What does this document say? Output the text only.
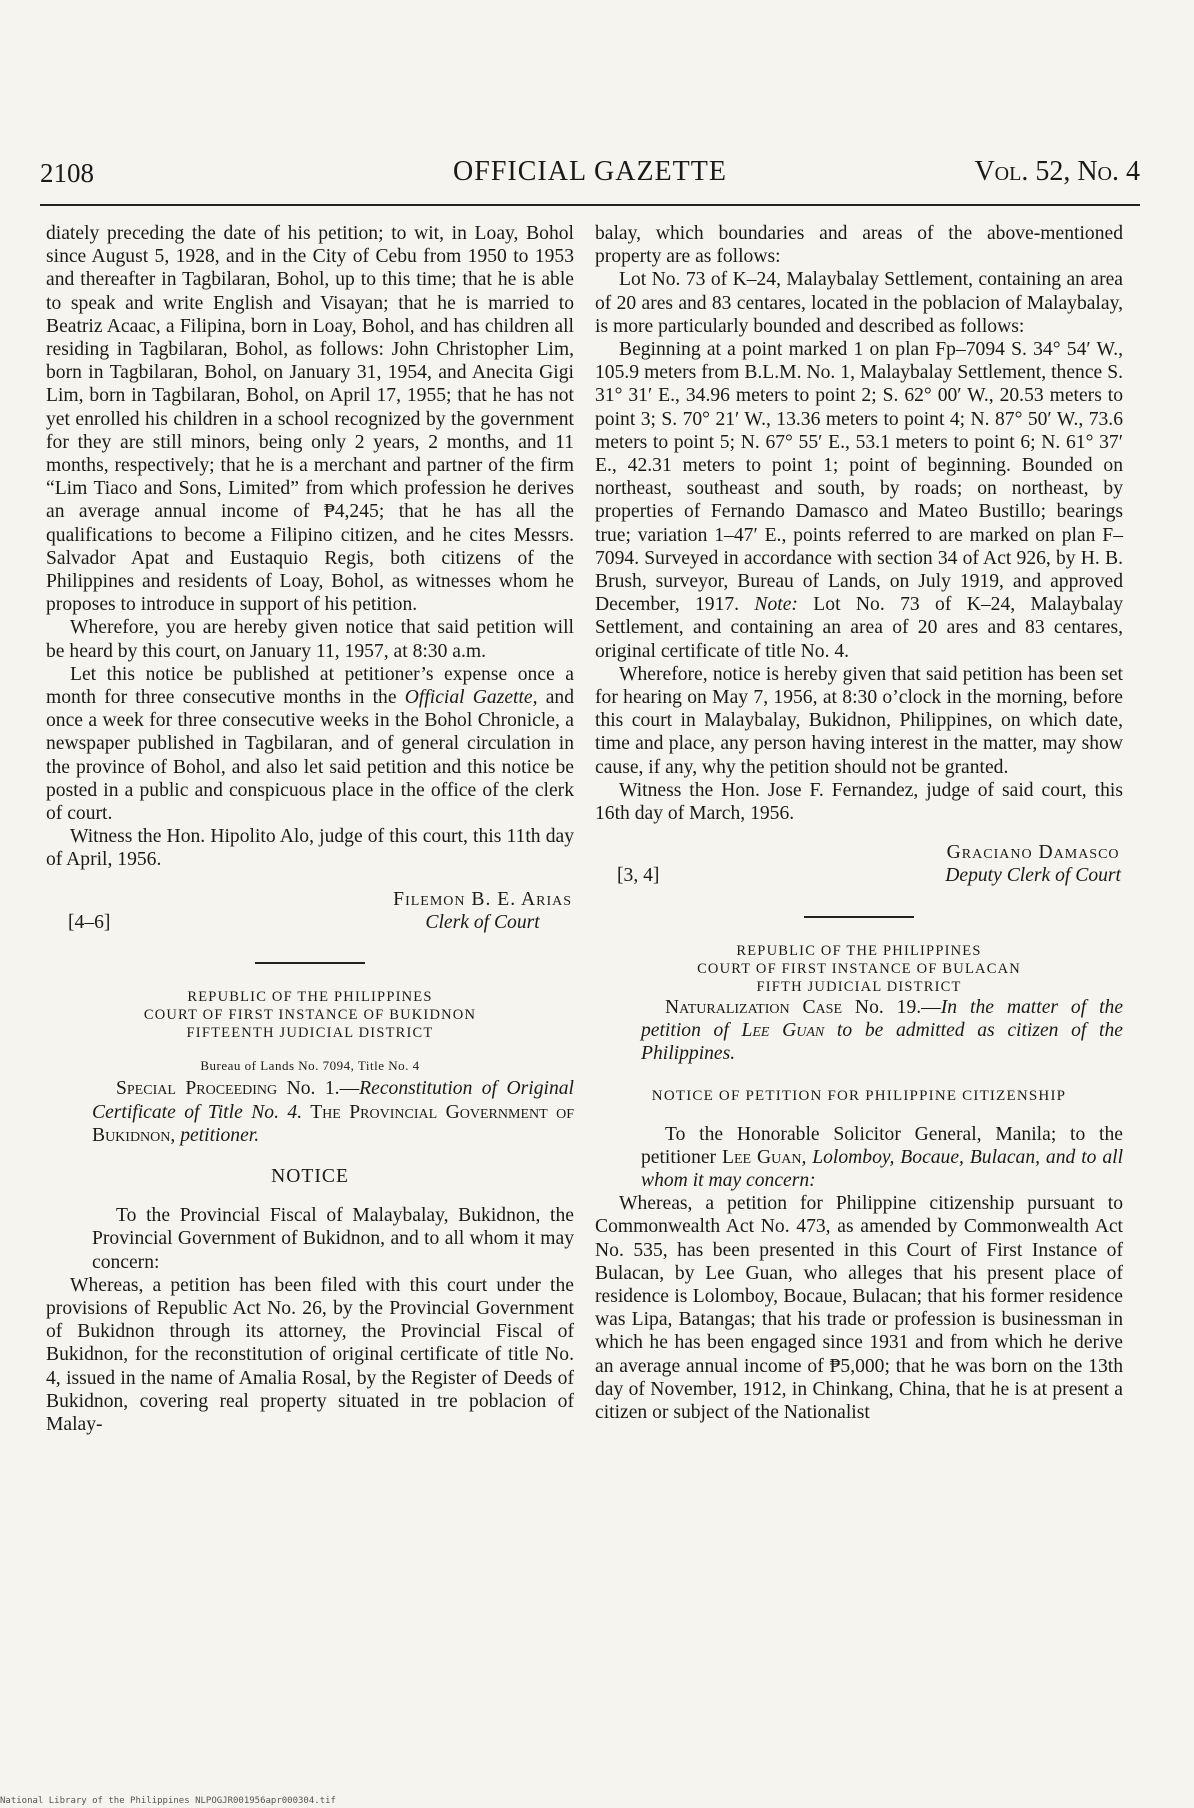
2108	OFFICIAL GAZETTE	Vol. 52, No. 4

diately preceding the date of his petition; to wit, in Loay, Bohol since August 5, 1928, and in the City of Cebu from 1950 to 1953 and thereafter in Tagbilaran, Bohol, up to this time; that he is able to speak and write English and Visayan; that he is married to Beatriz Acaac, a Filipina, born in Loay, Bohol, and has children all residing in Tagbilaran, Bohol, as follows: John Christopher Lim, born in Tagbilaran, Bohol, on January 31, 1954, and Anecita Gigi Lim, born in Tagbilaran, Bohol, on April 17, 1955; that he has not yet enrolled his children in a school recognized by the government for they are still minors, being only 2 years, 2 months, and 11 months, respectively; that he is a merchant and partner of the firm “Lim Tiaco and Sons, Limited” from which profession he derives an average annual income of ₱4,245; that he has all the qualifications to become a Filipino citizen, and he cites Messrs. Salvador Apat and Eustaquio Regis, both citizens of the Philippines and residents of Loay, Bohol, as witnesses whom he proposes to introduce in support of his petition.

Wherefore, you are hereby given notice that said petition will be heard by this court, on January 11, 1957, at 8:30 a.m.

Let this notice be published at petitioner’s expense once a month for three consecutive months in the Official Gazette, and once a week for three consecutive weeks in the Bohol Chronicle, a newspaper published in Tagbilaran, and of general circulation in the province of Bohol, and also let said petition and this notice be posted in a public and conspicuous place in the office of the clerk of court.

Witness the Hon. Hipolito Alo, judge of this court, this 11th day of April, 1956.

[4–6]
Filemon B. E. Arias
Clerk of Court
REPUBLIC OF THE PHILIPPINES
COURT OF FIRST INSTANCE OF BUKIDNON
FIFTEENTH JUDICIAL DISTRICT
Bureau of Lands No. 7094, Title No. 4

Special Proceeding No. 1.—Reconstitution of Original Certificate of Title No. 4. The Provincial Government of Bukidnon, petitioner.

NOTICE

To the Provincial Fiscal of Malaybalay, Bukidnon, the Provincial Government of Bukidnon, and to all whom it may concern:

Whereas, a petition has been filed with this court under the provisions of Republic Act No. 26, by the Provincial Government of Bukidnon through its attorney, the Provincial Fiscal of Bukidnon, for the reconstitution of original certificate of title No. 4, issued in the name of Amalia Rosal, by the Register of Deeds of Bukidnon, covering real property situated in tre poblacion of Malay-

balay, which boundaries and areas of the above-mentioned property are as follows:

Lot No. 73 of K–24, Malaybalay Settlement, containing an area of 20 ares and 83 centares, located in the poblacion of Malaybalay, is more particularly bounded and described as follows:

Beginning at a point marked 1 on plan Fp–7094 S. 34° 54′ W., 105.9 meters from B.L.M. No. 1, Malaybalay Settlement, thence S. 31° 31′ E., 34.96 meters to point 2; S. 62° 00′ W., 20.53 meters to point 3; S. 70° 21′ W., 13.36 meters to point 4; N. 87° 50′ W., 73.6 meters to point 5; N. 67° 55′ E., 53.1 meters to point 6; N. 61° 37′ E., 42.31 meters to point 1; point of beginning. Bounded on northeast, southeast and south, by roads; on northeast, by properties of Fernando Damasco and Mateo Bustillo; bearings true; variation 1–47′ E., points referred to are marked on plan F–7094. Surveyed in accordance with section 34 of Act 926, by H. B. Brush, surveyor, Bureau of Lands, on July 1919, and approved December, 1917. Note: Lot No. 73 of K–24, Malaybalay Settlement, and containing an area of 20 ares and 83 centares, original certificate of title No. 4.

Wherefore, notice is hereby given that said petition has been set for hearing on May 7, 1956, at 8:30 o’clock in the morning, before this court in Malaybalay, Bukidnon, Philippines, on which date, time and place, any person having interest in the matter, may show cause, if any, why the petition should not be granted.

Witness the Hon. Jose F. Fernandez, judge of said court, this 16th day of March, 1956.

[3, 4]
Graciano Damasco
Deputy Clerk of Court
REPUBLIC OF THE PHILIPPINES
COURT OF FIRST INSTANCE OF BULACAN
FIFTH JUDICIAL DISTRICT

Naturalization Case No. 19.—In the matter of the petition of Lee Guan to be admitted as citizen of the Philippines.

NOTICE OF PETITION FOR PHILIPPINE CITIZENSHIP

To the Honorable Solicitor General, Manila; to the petitioner Lee Guan, Lolomboy, Bocaue, Bulacan, and to all whom it may concern:

Whereas, a petition for Philippine citizenship pursuant to Commonwealth Act No. 473, as amended by Commonwealth Act No. 535, has been presented in this Court of First Instance of Bulacan, by Lee Guan, who alleges that his present place of residence is Lolomboy, Bocaue, Bulacan; that his former residence was Lipa, Batangas; that his trade or profession is businessman in which he has been engaged since 1931 and from which he derive an average annual income of ₱5,000; that he was born on the 13th day of November, 1912, in Chinkang, China, that he is at present a citizen or subject of the Nationalist

National Library of the Philippines NLPOGJR001956apr000304.tif
